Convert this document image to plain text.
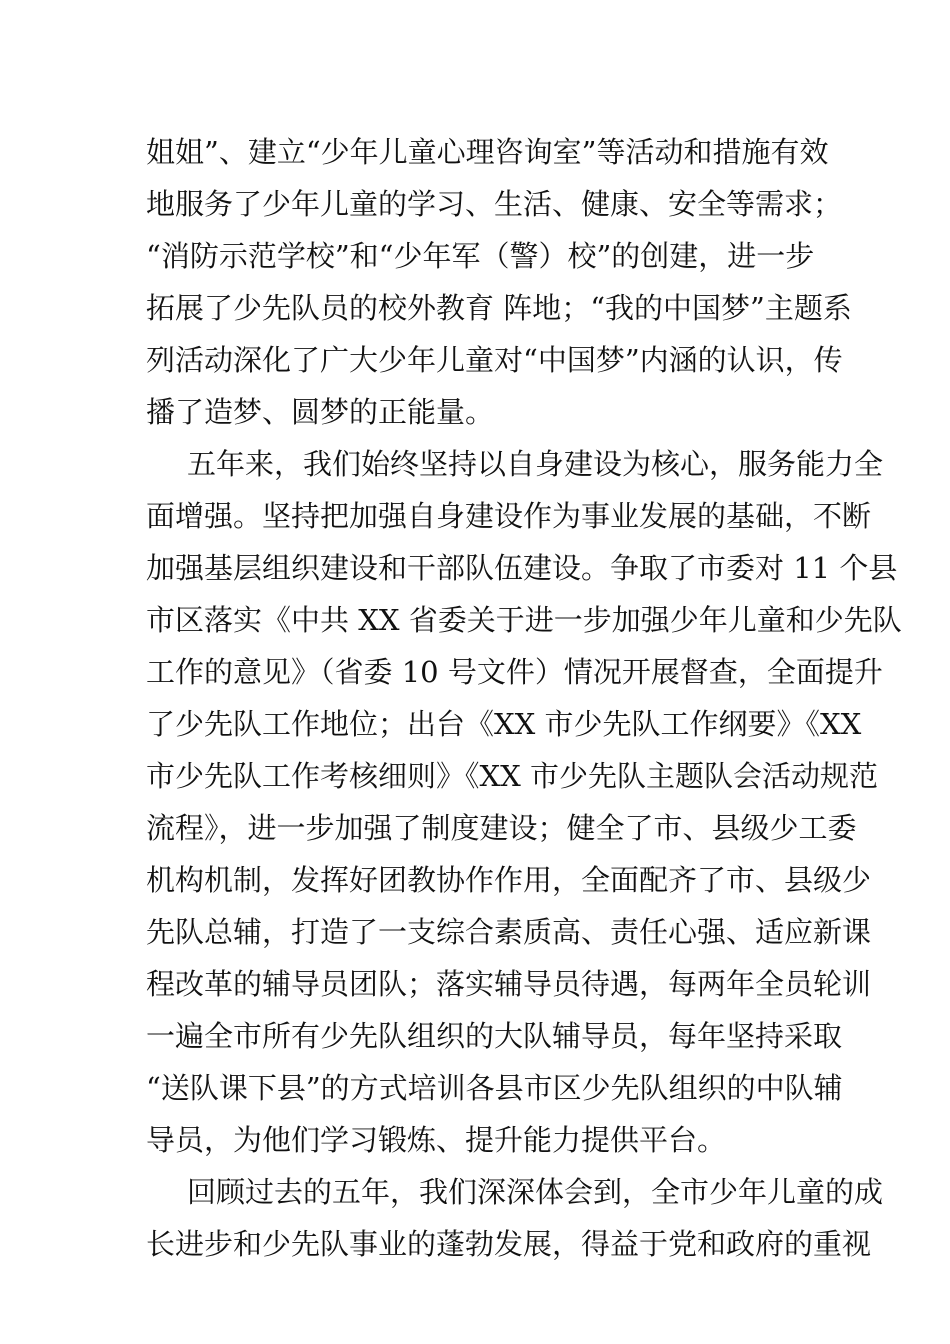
姐姐”、建立“少年儿童心理咨询室”等活动和措施有效
地服务了少年儿童的学习、生活、健康、安全等需求；
“消防示范学校”和“少年军（警）校”的创建，进一步
拓展了少先队员的校外教育 阵地；“我的中国梦”主题系
列活动深化了广大少年儿童对“中国梦”内涵的认识，传
播了造梦、圆梦的正能量。
五年来，我们始终坚持以自身建设为核心，服务能力全
面增强。坚持把加强自身建设作为事业发展的基础，不断
加强基层组织建设和干部队伍建设。争取了市委对 11 个县
市区落实《中共 XX 省委关于进一步加强少年儿童和少先队
工作的意见》（省委 10 号文件）情况开展督查，全面提升
了少先队工作地位；出台《XX 市少先队工作纲要》《XX
市少先队工作考核细则》《XX 市少先队主题队会活动规范
流程》，进一步加强了制度建设；健全了市、县级少工委
机构机制，发挥好团教协作作用，全面配齐了市、县级少
先队总辅，打造了一支综合素质高、责任心强、适应新课
程改革的辅导员团队；落实辅导员待遇，每两年全员轮训
一遍全市所有少先队组织的大队辅导员，每年坚持采取
“送队课下县”的方式培训各县市区少先队组织的中队辅
导员，为他们学习锻炼、提升能力提供平台。
回顾过去的五年，我们深深体会到，全市少年儿童的成
长进步和少先队事业的蓬勃发展，得益于党和政府的重视
